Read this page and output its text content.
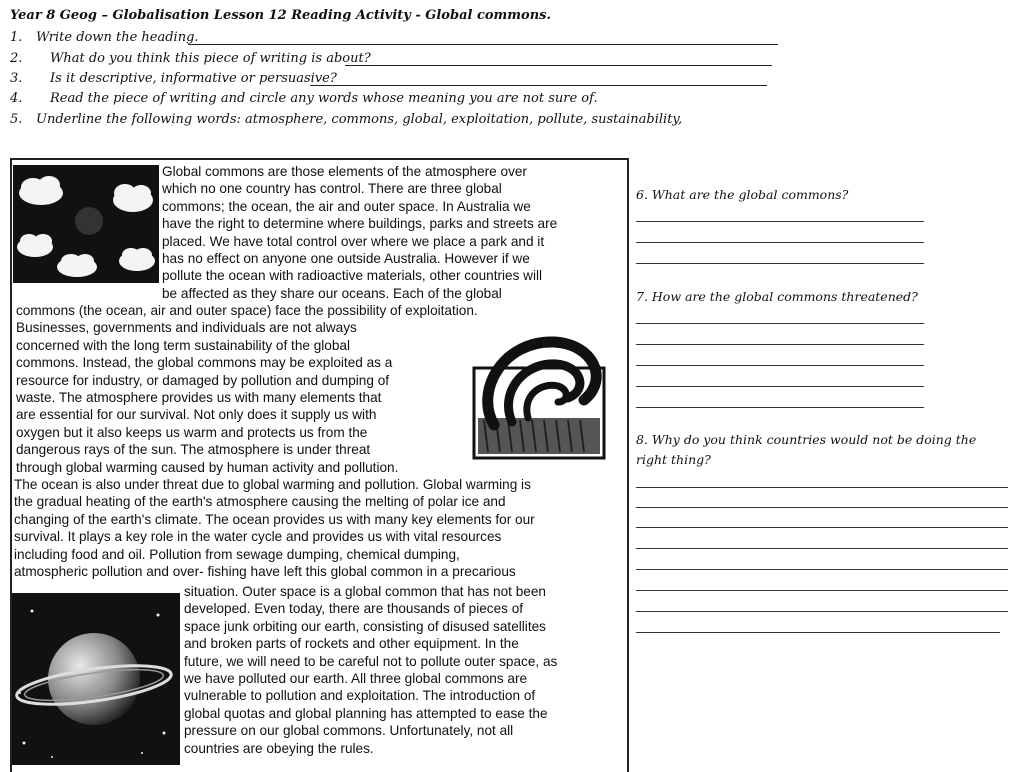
Year 8 Geog – Globalisation Lesson 12 Reading Activity - Global commons.
1. Write down the heading.
2. What do you think this piece of writing is about?
3. Is it descriptive, informative or persuasive?
4. Read the piece of writing and circle any words whose meaning you are not sure of.
5. Underline the following words: atmosphere, commons, global, exploitation, pollute, sustainability,
Global commons are those elements of the atmosphere over
which no one country has control. There are three global
commons; the ocean, the air and outer space. In Australia we
have the right to determine where buildings, parks and streets are
placed. We have total control over where we place a park and it
has no effect on anyone one outside Australia. However if we
pollute the ocean with radioactive materials, other countries will
be affected as they share our oceans. Each of the global
commons (the ocean, air and outer space) face the possibility of exploitation.
Businesses, governments and individuals are not always
concerned with the long term sustainability of the global
commons. Instead, the global commons may be exploited as a
resource for industry, or damaged by pollution and dumping of
waste. The atmosphere provides us with many elements that
are essential for our survival. Not only does it supply us with
oxygen but it also keeps us warm and protects us from the
dangerous rays of the sun. The atmosphere is under threat
through global warming caused by human activity and pollution.
The ocean is also under threat due to global warming and pollution. Global warming is
the gradual heating of the earth's atmosphere causing the melting of polar ice and
changing of the earth's climate. The ocean provides us with many key elements for our
survival. It plays a key role in the water cycle and provides us with vital resources
including food and oil. Pollution from sewage dumping, chemical dumping,
atmospheric pollution and over- fishing have left this global common in a precarious
situation. Outer space is a global common that has not been
developed. Even today, there are thousands of pieces of
space junk orbiting our earth, consisting of disused satellites
and broken parts of rockets and other equipment. In the
future, we will need to be careful not to pollute outer space, as
we have polluted our earth. All three global commons are
vulnerable to pollution and exploitation. The introduction of
global quotas and global planning has attempted to ease the
pressure on our global commons. Unfortunately, not all
countries are obeying the rules.
6. What are the global commons?
7. How are the global commons threatened?
8. Why do you think countries would not be doing the right thing?
